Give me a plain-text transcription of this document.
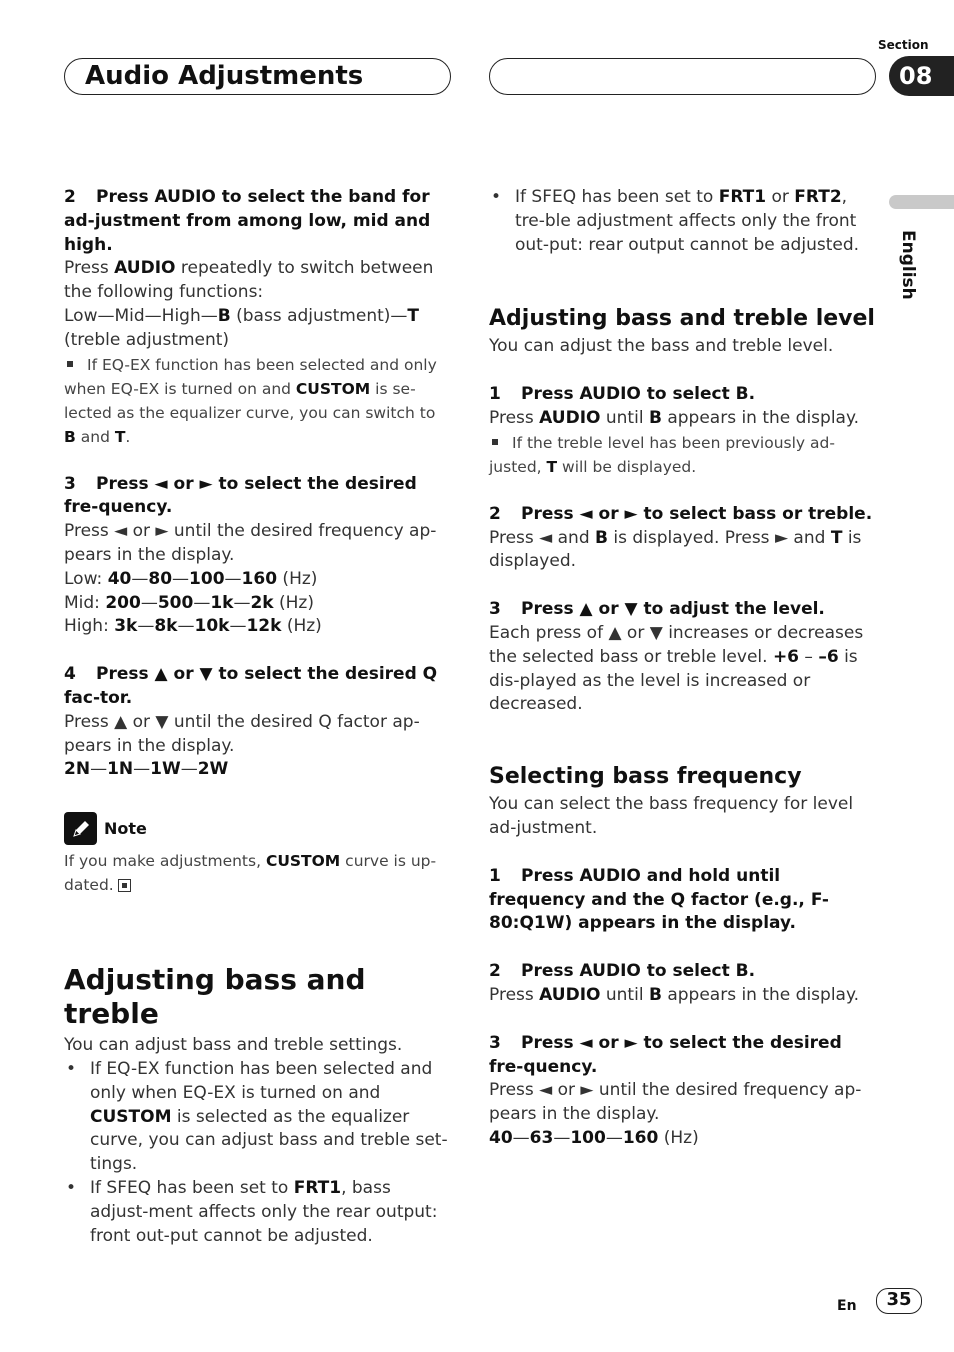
Audio Adjustments
Section
08
English

2 Press AUDIO to select the band for ad-justment from among low, mid and high.

Press AUDIO repeatedly to switch between the following functions:

Low—Mid—High—B (bass adjustment)—T (treble adjustment)

If EQ-EX function has been selected and only when EQ-EX is turned on and CUSTOM is se-lected as the equalizer curve, you can switch to B and T.

3 Press ◄ or ► to select the desired fre-quency.

Press ◄ or ► until the desired frequency ap-pears in the display.

Low: 40—80—100—160 (Hz)

Mid: 200—500—1k—2k (Hz)

High: 3k—8k—10k—12k (Hz)

4 Press ▲ or ▼ to select the desired Q fac-tor.

Press ▲ or ▼ until the desired Q factor ap-pears in the display.

2N—1N—1W—2W

Note

If you make adjustments, CUSTOM curve is up-dated.

Adjusting bass and treble

You can adjust bass and treble settings.

• If EQ-EX function has been selected and only when EQ-EX is turned on and CUSTOM is selected as the equalizer curve, you can adjust bass and treble set-tings.
• If SFEQ has been set to FRT1, bass adjust-ment affects only the rear output: front out-put cannot be adjusted.
• If SFEQ has been set to FRT1 or FRT2, tre-ble adjustment affects only the front out-put: rear output cannot be adjusted.
Adjusting bass and treble level

You can adjust the bass and treble level.

1 Press AUDIO to select B.

Press AUDIO until B appears in the display.

If the treble level has been previously ad-justed, T will be displayed.

2 Press ◄ or ► to select bass or treble.

Press ◄ and B is displayed. Press ► and T is displayed.

3 Press ▲ or ▼ to adjust the level.

Each press of ▲ or ▼ increases or decreases the selected bass or treble level. +6 – –6 is dis-played as the level is increased or decreased.

Selecting bass frequency

You can select the bass frequency for level ad-justment.

1 Press AUDIO and hold until frequency and the Q factor (e.g., F- 80:Q1W) appears in the display.

2 Press AUDIO to select B.

Press AUDIO until B appears in the display.

3 Press ◄ or ► to select the desired fre-quency.

Press ◄ or ► until the desired frequency ap-pears in the display.

40—63—100—160 (Hz)

En	35
